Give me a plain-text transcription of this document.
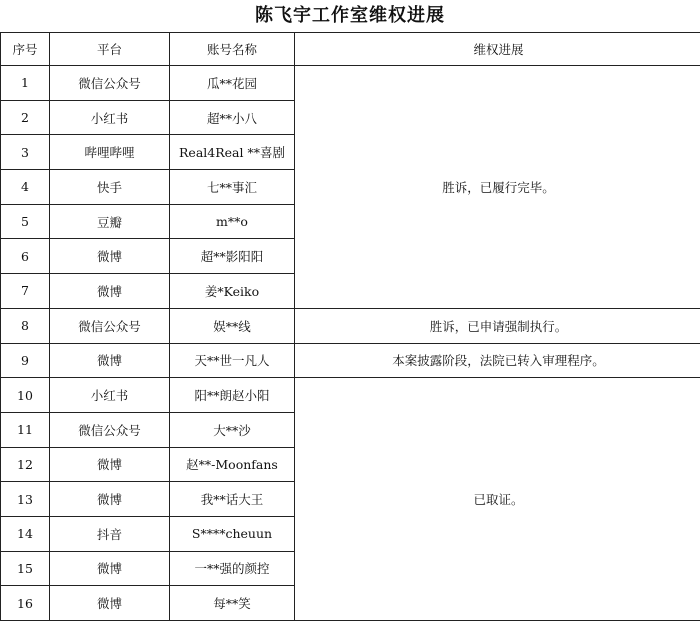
陈飞宇工作室维权进展
序号	平台	账号名称	维权进展
1	微信公众号	瓜**花园	胜诉，已履行完毕。
2	小红书	超**小八	
3	哔哩哔哩	Real4Real **喜剧	
4	快手	七**事汇	
5	豆瓣	m**o	
6	微博	超**影阳阳	
7	微博	姜*Keiko	
8	微信公众号	娱**线	胜诉，已申请强制执行。
9	微博	天**世一凡人	本案披露阶段，法院已转入审理程序。
10	小红书	阳**朗赵小阳	已取证。
11	微信公众号	大**沙	
12	微博	赵**-Moonfans	
13	微博	我**话大王	
14	抖音	S****cheuun	
15	微博	一**强的颜控	
16	微博	每**笑	
